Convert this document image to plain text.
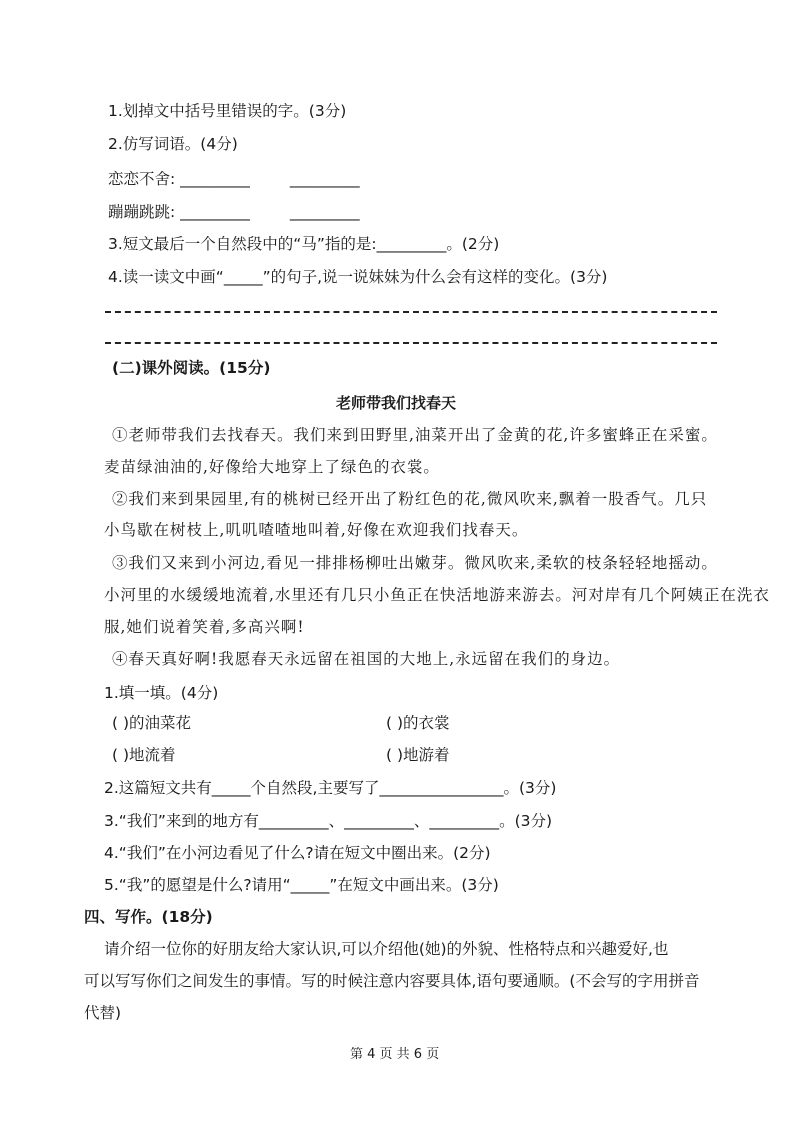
1.划掉文中括号里错误的字。(3分)
2.仿写词语。(4分)
恋恋不舍: _________	_________
蹦蹦跳跳: _________	_________
3.短文最后一个自然段中的“马”指的是:_________。(2分)
4.读一读文中画“_____”的句子,说一说妹妹为什么会有这样的变化。(3分)
(二)课外阅读。(15分)
老师带我们找春天
①老师带我们去找春天。我们来到田野里,油菜开出了金黄的花,许多蜜蜂正在采蜜。
麦苗绿油油的,好像给大地穿上了绿色的衣裳。
②我们来到果园里,有的桃树已经开出了粉红色的花,微风吹来,飘着一股香气。几只
小鸟歇在树枝上,叽叽喳喳地叫着,好像在欢迎我们找春天。
③我们又来到小河边,看见一排排杨柳吐出嫩芽。微风吹来,柔软的枝条轻轻地摇动。
小河里的水缓缓地流着,水里还有几只小鱼正在快活地游来游去。河对岸有几个阿姨正在洗衣
服,她们说着笑着,多高兴啊!
④春天真好啊!我愿春天永远留在祖国的大地上,永远留在我们的身边。
1.填一填。(4分)
( )的油菜花	( )的衣裳
( )地流着	( )地游着
2.这篇短文共有_____个自然段,主要写了________________。(3分)
3.“我们”来到的地方有_________、_________、_________。(3分)
4.“我们”在小河边看见了什么?请在短文中圈出来。(2分)
5.“我”的愿望是什么?请用“_____”在短文中画出来。(3分)
四、写作。(18分)
请介绍一位你的好朋友给大家认识,可以介绍他(她)的外貌、性格特点和兴趣爱好,也
可以写写你们之间发生的事情。写的时候注意内容要具体,语句要通顺。(不会写的字用拼音
代替)
第 4 页 共 6 页
